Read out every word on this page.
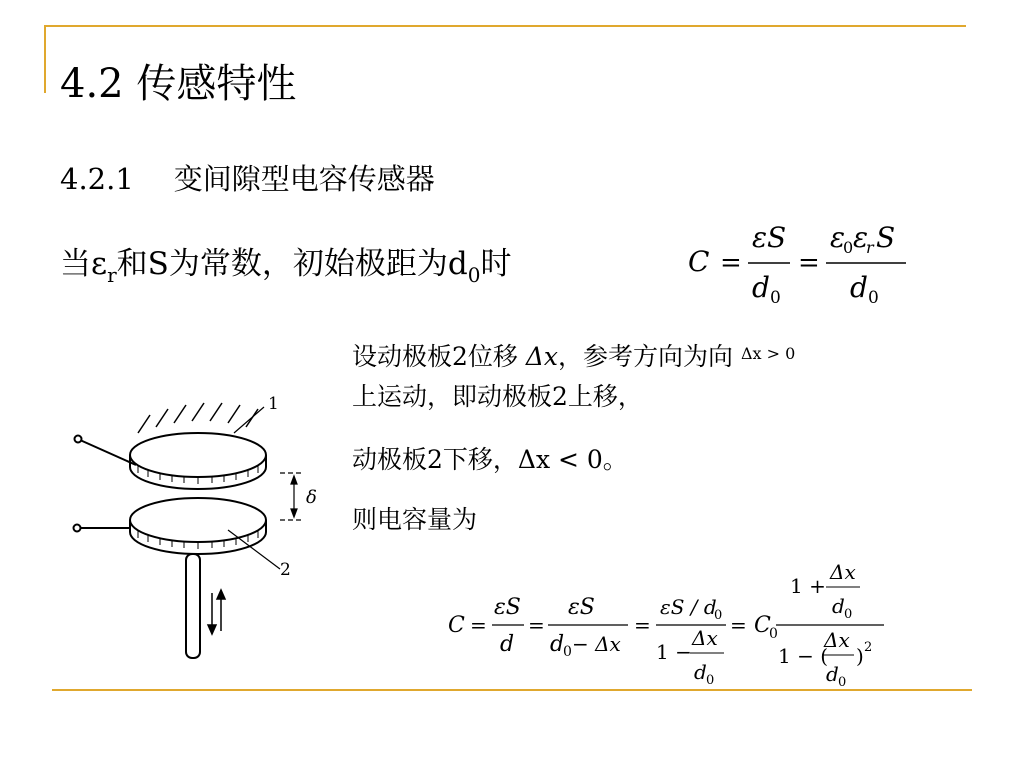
4.2 传感特性
4.2.1 变间隙型电容传感器
当$\varepsilon_r$和S为常数，初始极距为$d_0$时	C =
εS
d 0
=
ε
0 ε
r S
d 0
设动极板2位移 Δx，参考方向为向 $^{\Delta x > 0}$
上运动，即动极板2上移，
动极板2下移，Δx < 0。
则电容量为
δ
1
2
C =
εS
d
=
εS
d
0 − Δx
=
εS / d
0
1 −
Δx
d 0
= C
0
1 +
Δx
d 0
1 − (
Δx
d 0
) 2
